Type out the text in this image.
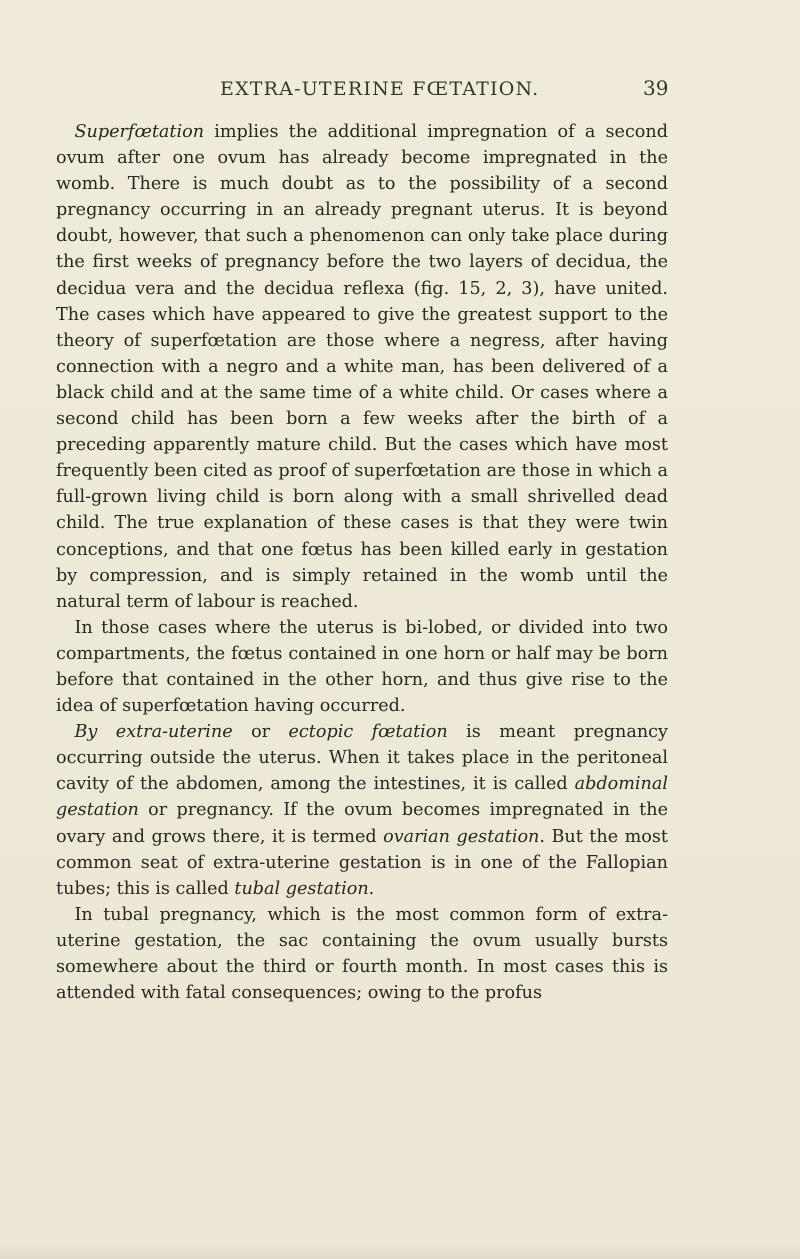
EXTRA-UTERINE FŒTATION.	39

Superfœtation implies the additional impregnation of a second ovum after one ovum has already become impregnated in the womb. There is much doubt as to the possibility of a second pregnancy occurring in an already pregnant uterus. It is beyond doubt, however, that such a phenomenon can only take place during the first weeks of pregnancy before the two layers of decidua, the decidua vera and the decidua reflexa (fig. 15, 2, 3), have united. The cases which have appeared to give the greatest support to the theory of superfœtation are those where a negress, after having connection with a negro and a white man, has been delivered of a black child and at the same time of a white child. Or cases where a second child has been born a few weeks after the birth of a preceding apparently mature child. But the cases which have most frequently been cited as proof of superfœtation are those in which a full-grown living child is born along with a small shrivelled dead child. The true explanation of these cases is that they were twin conceptions, and that one fœtus has been killed early in gestation by compression, and is simply retained in the womb until the natural term of labour is reached.

In those cases where the uterus is bi-lobed, or divided into two compartments, the fœtus contained in one horn or half may be born before that contained in the other horn, and thus give rise to the idea of superfœtation having occurred.

By extra-uterine or ectopic fœtation is meant pregnancy occurring outside the uterus. When it takes place in the peritoneal cavity of the abdomen, among the intestines, it is called abdominal gestation or pregnancy. If the ovum becomes impregnated in the ovary and grows there, it is termed ovarian gestation. But the most common seat of extra-uterine gestation is in one of the Fallopian tubes; this is called tubal gestation.

In tubal pregnancy, which is the most common form of extra-uterine gestation, the sac containing the ovum usually bursts somewhere about the third or fourth month. In most cases this is attended with fatal consequences; owing to the profus
